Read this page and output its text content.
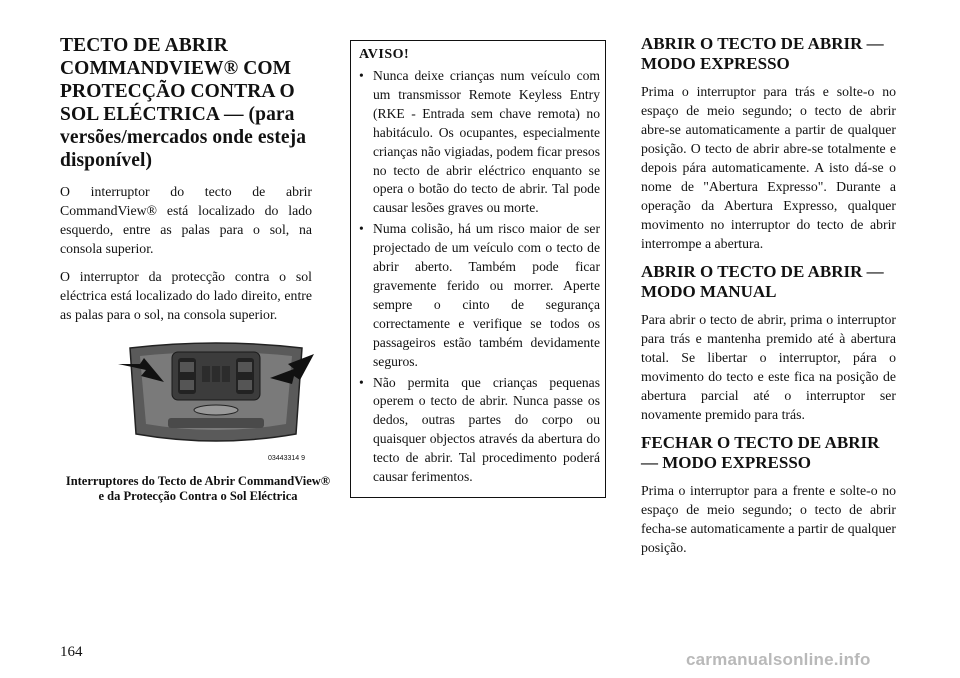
TECTO DE ABRIR COMMANDVIEW® COM PROTECÇÃO CONTRA O SOL ELÉCTRICA — (para versões/mercados onde esteja disponível)

O interruptor do tecto de abrir CommandView® está localizado do lado esquerdo, entre as palas para o sol, na consola superior.

O interruptor da protecção contra o sol eléctrica está localizado do lado direito, entre as palas para o sol, na consola superior.

03443314 9
Interruptores do Tecto de Abrir CommandView® e da Protecção Contra o Sol Eléctrica
AVISO!
• Nunca deixe crianças num veículo com um transmissor Remote Keyless Entry (RKE - Entrada sem chave remota) no habitáculo. Os ocupantes, especialmente crianças não vigiadas, podem ficar presos no tecto de abrir eléctrico enquanto se opera o botão do tecto de abrir. Tal pode causar lesões graves ou morte.
• Numa colisão, há um risco maior de ser projectado de um veículo com o tecto de abrir aberto. Também pode ficar gravemente ferido ou morrer. Aperte sempre o cinto de segurança correctamente e verifique se todos os passageiros estão também devidamente seguros.
• Não permita que crianças pequenas operem o tecto de abrir. Nunca passe os dedos, outras partes do corpo ou quaisquer objectos através da abertura do tecto de abrir. Tal procedimento poderá causar ferimentos.
ABRIR O TECTO DE ABRIR — MODO EXPRESSO

Prima o interruptor para trás e solte-o no espaço de meio segundo; o tecto de abrir abre-se automaticamente a partir de qualquer posição. O tecto de abrir abre-se totalmente e depois pára automaticamente. A isto dá-se o nome de "Abertura Expresso". Durante a operação da Abertura Expresso, qualquer movimento no interruptor do tecto de abrir interrompe a abertura.

ABRIR O TECTO DE ABRIR — MODO MANUAL

Para abrir o tecto de abrir, prima o interruptor para trás e mantenha premido até à abertura total. Se libertar o interruptor, pára o movimento do tecto e este fica na posição de abertura parcial até o interruptor ser novamente premido para trás.

FECHAR O TECTO DE ABRIR — MODO EXPRESSO

Prima o interruptor para a frente e solte-o no espaço de meio segundo; o tecto de abrir fecha-se automaticamente a partir de qualquer posição.

164	carmanualsonline.info
